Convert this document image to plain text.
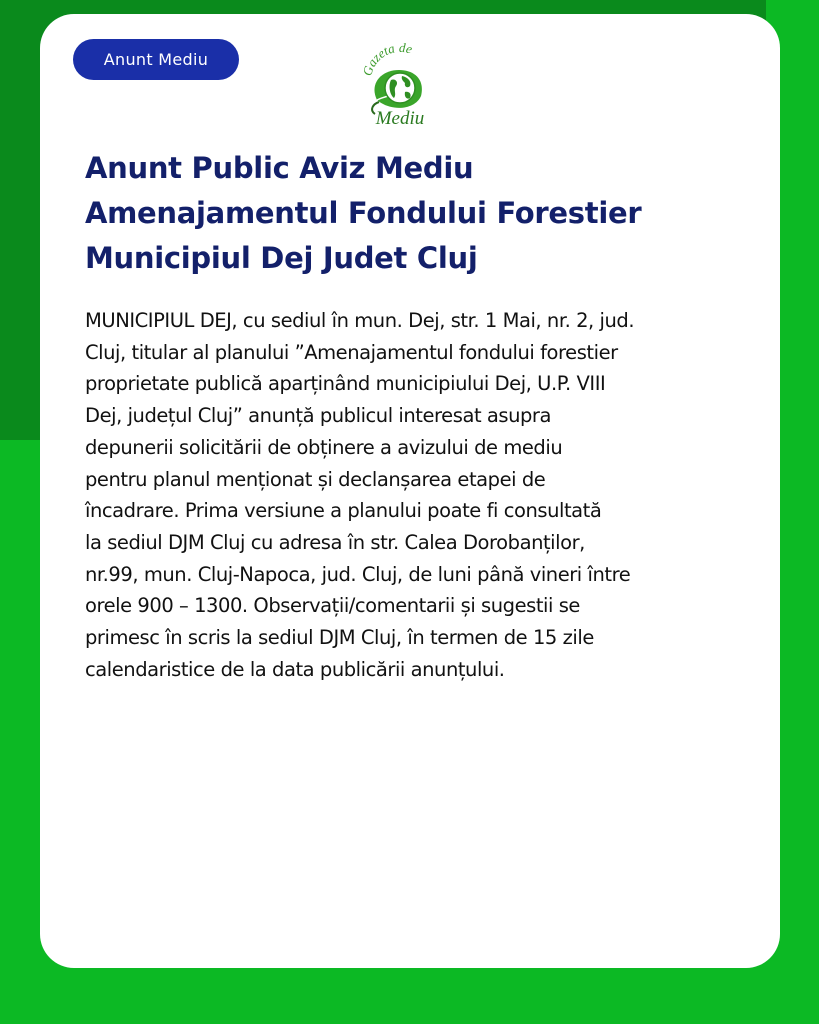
Anunt Mediu
Gazeta de
Mediu
Anunt Public Aviz Mediu
Amenajamentul Fondului Forestier
Municipiul Dej Judet Cluj
MUNICIPIUL DEJ, cu sediul în mun. Dej, str. 1 Mai, nr. 2, jud.
Cluj, titular al planului ”Amenajamentul fondului forestier
proprietate publică aparținând municipiului Dej, U.P. VIII
Dej, județul Cluj” anunță publicul interesat asupra
depunerii solicitării de obținere a avizului de mediu
pentru planul menționat și declanșarea etapei de
încadrare. Prima versiune a planului poate fi consultată
la sediul DJM Cluj cu adresa în str. Calea Dorobanților,
nr.99, mun. Cluj-Napoca, jud. Cluj, de luni până vineri între
orele 900 – 1300. Observații/comentarii și sugestii se
primesc în scris la sediul DJM Cluj, în termen de 15 zile
calendaristice de la data publicării anunțului.
